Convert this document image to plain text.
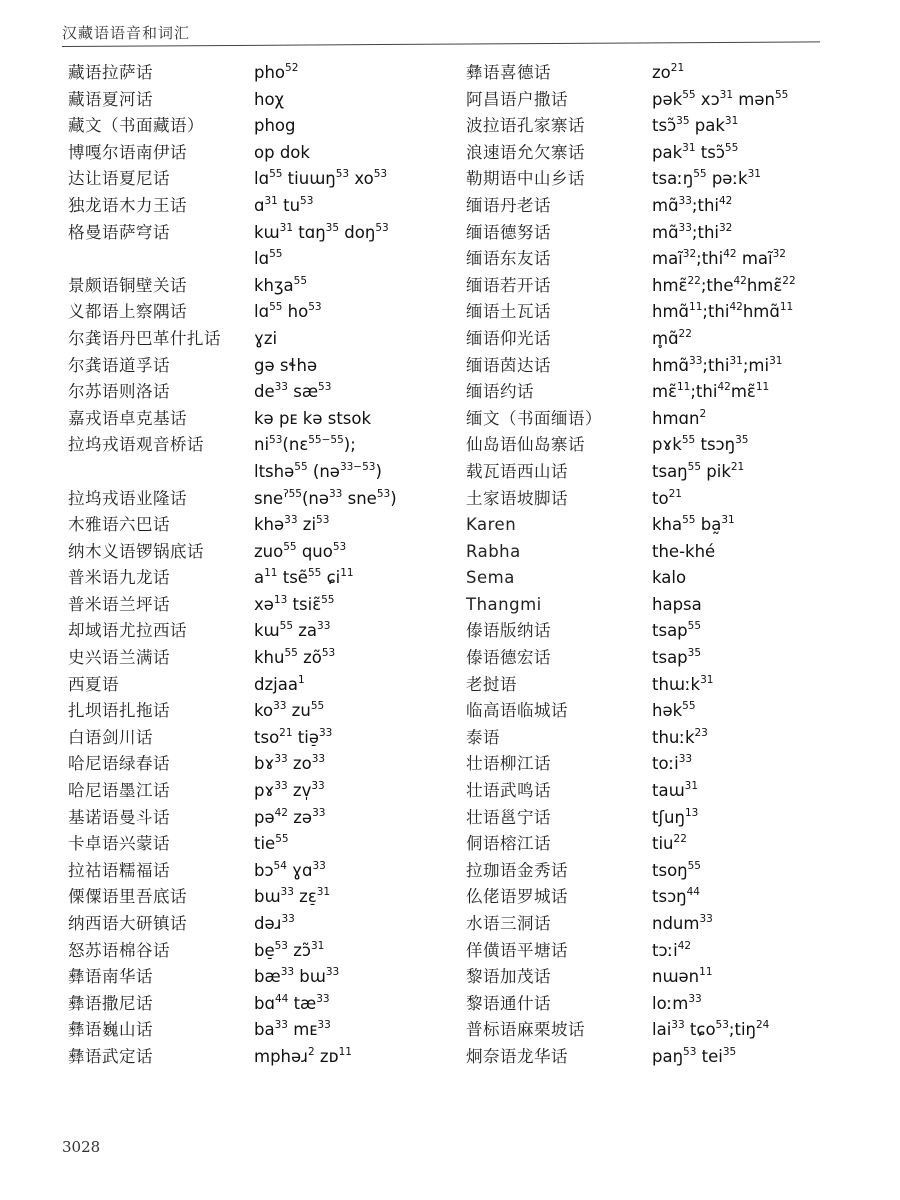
汉藏语语音和词汇
藏语拉萨话	pho$^{52}$
藏语夏河话	hoχ
藏文（书面藏语）	phog
博嘎尔语南伊话	op dok
达让语夏尼话	lɑ$^{55}$ tiuɯŋ$^{53}$ $xo^{53}$
独龙语木力王话	ɑ$^{31}$ $tu^{53}$
格曼语萨穹话	kɯ$^{31}$ tɑŋ$^{35}$ doŋ$^{53}$
lɑ$^{55}$
景颇语铜壁关话	khʒa$^{55}$
义都语上察隅话	lɑ$^{55}$ $ho^{53}$
尔龚语丹巴革什扎话	ɣzi
尔龚语道孚话	gə sɬhə
尔苏语则洛话	$de^{33}$ $sæ^{53}$
嘉戎语卓克基话	kə pᴇ kə stsok
拉坞戎语观音桥话	$ni^{53}(nɛ^{55-55})$;
ltshə$^{55}$ (nə$^{33-53}$)
拉坞戎语业隆话	sne$^{ʔ55}$(nə$^{33}$ sne$^{53}$)
木雅语六巴话	khə$^{33}$ $zi^{53}$
纳木义语锣锅底话	zuo$^{55}$ quo$^{53}$
普米语九龙话	$a^{11}$ tsẽ$^{55}$ ɕi$^{11}$
普米语兰坪话	xə$^{13}$ tsiɛ̃$^{55}$
却域语尤拉西话	kɯ$^{55}$ $za^{33}$
史兴语兰满话	khu$^{55}$ $zõ^{53}$
西夏语	dzjaa$^1$
扎坝语扎拖话	$ko^{33}$ $zu^{55}$
白语剑川话	tso$^{21}$ tiə̠$^{33}$
哈尼语绿春话	bɤ$^{33}$ $zo^{33}$
哈尼语墨江话	pɤ$^{33}$ zv̩$^{33}$
基诺语曼斗话	pə$^{42}$ zə$^{33}$
卡卓语兴蒙话	tie$^{55}$
拉祜语糯福话	bɔ$^{54}$ ɣɑ$^{33}$
傈僳语里吾底话	bɯ$^{33}$ zɛ̠$^{31}$
纳西语大研镇话	dəɹ$^{33}$
怒苏语棉谷话	be̠$^{53}$ zɔ̃$^{31}$
彝语南华话	$bæ^{33}$ bɯ$^{33}$
彝语撒尼话	bɑ$^{44}$ $tæ^{33}$
彝语巍山话	$ba^{33}$ mᴇ$^{33}$
彝语武定话	mphəɹ$^2$ zᴅ$^{11}$
彝语喜德话	$zo^{21}$
阿昌语户撒话	pək$^{55}$ xɔ$^{31}$ mən$^{55}$
波拉语孔家寨话	tsɔ̃$^{35}$ pak$^{31}$
浪速语允欠寨话	pak$^{31}$ tsɔ̃$^{55}$
勒期语中山乡话	tsaːŋ$^{55}$ pəːk$^{31}$
缅语丹老话	mɑ̃$^{33}$;thi$^{42}$
缅语德努话	mɑ̃$^{33}$;thi$^{32}$
缅语东友话	maĩ$^{32}$;thi$^{42}$ maĩ$^{32}$
缅语若开话	hmɛ̃$^{22}$;the$^{42}$hmɛ̃$^{22}$
缅语土瓦话	hmɑ̃$^{11}$;thi$^{42}$hmɑ̃$^{11}$
缅语仰光话	m̥ɑ̃$^{22}$
缅语茵达话	$hmɑ̃^{33};thi^{31};mi^{31}$
缅语约话	mɛ̃$^{11}$;thi$^{42}$mɛ̃$^{11}$
缅文（书面缅语）	hmɑn$^2$
仙岛语仙岛寨话	pɤk$^{55}$ tsɔŋ$^{35}$
载瓦语西山话	tsaŋ$^{55}$ pik$^{21}$
土家语坡脚话	$to^{21}$
Karen	kha$^{55}$ ba̰$^{31}$
Rabha	the-khé
Sema	kalo
Thangmi	hapsa
傣语版纳话	tsap$^{55}$
傣语德宏话	tsap$^{35}$
老挝语	thɯːk$^{31}$
临高语临城话	hək$^{55}$
泰语	thuːk$^{23}$
壮语柳江话	toːi$^{33}$
壮语武鸣话	taɯ$^{31}$
壮语邕宁话	tʃuŋ$^{13}$
侗语榕江话	tiu$^{22}$
拉珈语金秀话	tsoŋ$^{55}$
仫佬语罗城话	tsɔŋ$^{44}$
水语三洞话	ndum$^{33}$
佯僙语平塘话	tɔːi$^{42}$
黎语加茂话	nɯən$^{11}$
黎语通什话	loːm$^{33}$
普标语麻栗坡话	lai$^{33}$ tɕo$^{53}$;tiŋ$^{24}$
炯奈语龙华话	paŋ$^{53}$ tei$^{35}$
3028
